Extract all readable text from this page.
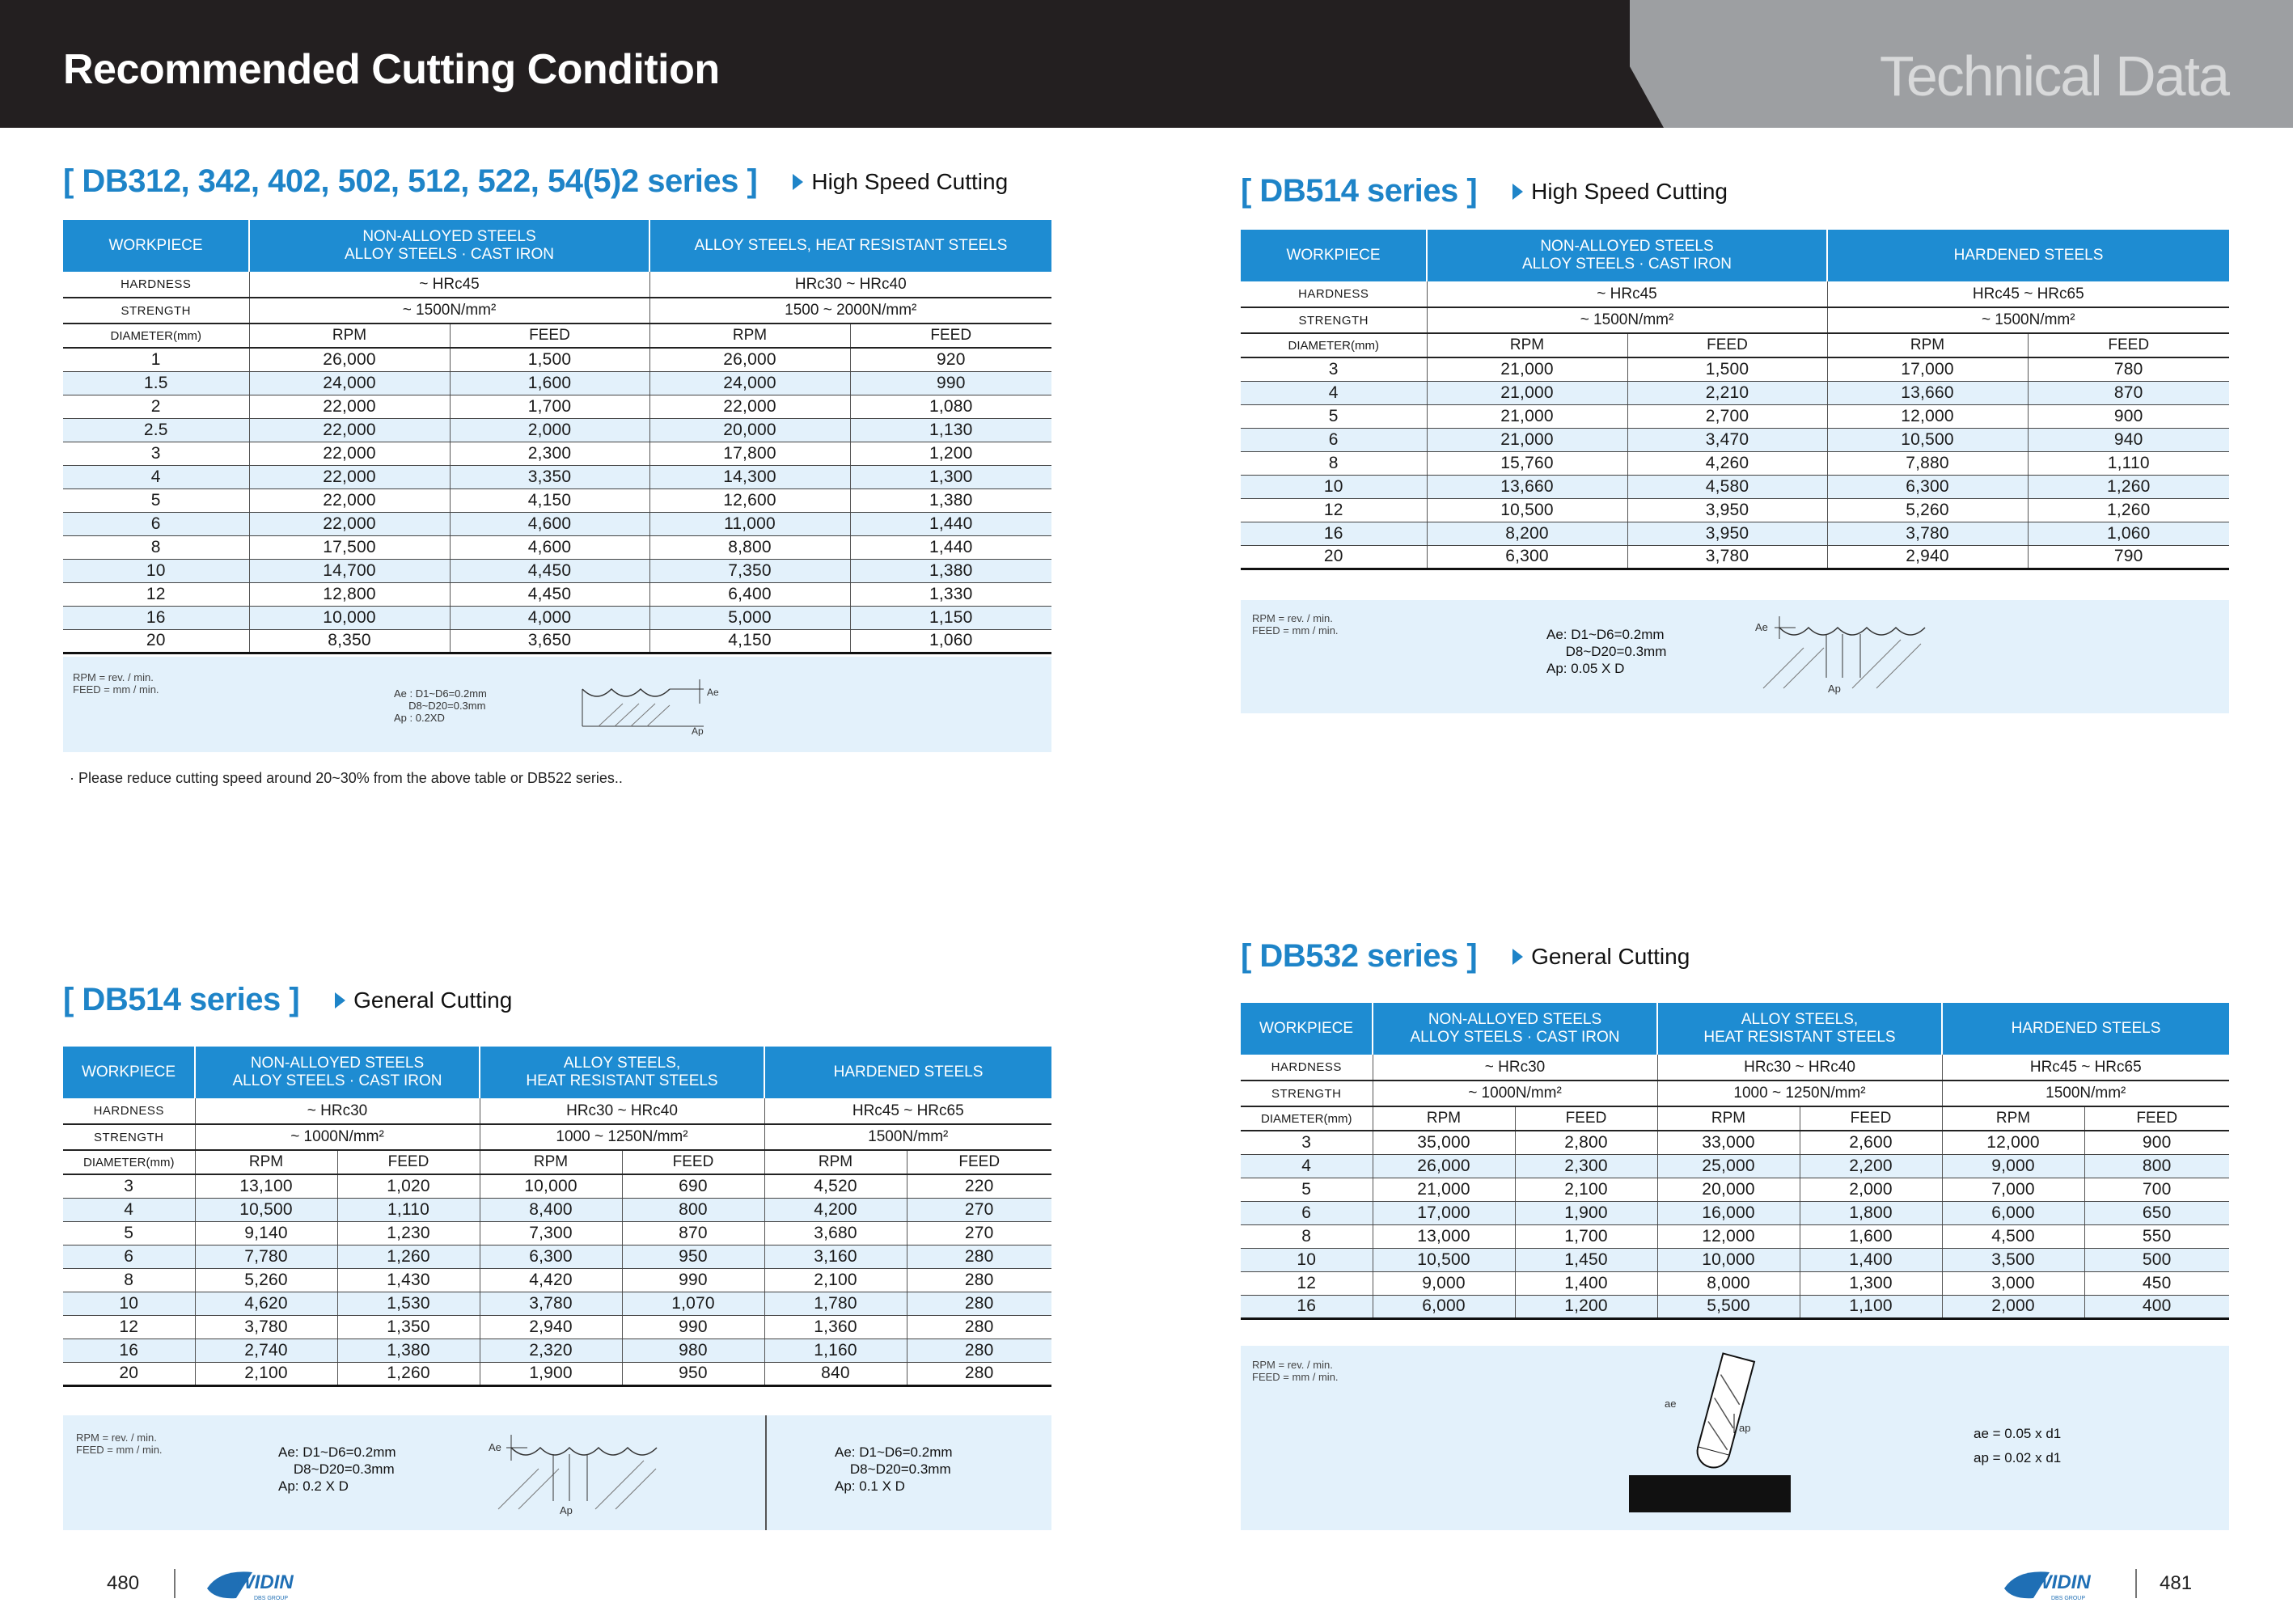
Recommended Cutting Condition	Technical Data
[ DB312, 342, 402, 502, 512, 522, 54(5)2 series ] High Speed Cutting
WORKPIECE	NON-ALLOYED STEELS
ALLOY STEELS · CAST IRON		ALLOY STEELS, HEAT RESISTANT STEELS	
HARDNESS	~ HRc45		HRc30 ~ HRc40	
STRENGTH	~ 1500N/mm²		1500 ~ 2000N/mm²	
DIAMETER(mm)	RPM	FEED	RPM	FEED
1	26,000	1,500	26,000	920
1.5	24,000	1,600	24,000	990
2	22,000	1,700	22,000	1,080
2.5	22,000	2,000	20,000	1,130
3	22,000	2,300	17,800	1,200
4	22,000	3,350	14,300	1,300
5	22,000	4,150	12,600	1,380
6	22,000	4,600	11,000	1,440
8	17,500	4,600	8,800	1,440
10	14,700	4,450	7,350	1,380
12	12,800	4,450	6,400	1,330
16	10,000	4,000	5,000	1,150
20	8,350	3,650	4,150	1,060
RPM = rev. / min.
FEED = mm / min.	Ae : D1~D6=0.2mm
D8~D20=0.3mm
Ap : 0.2XD
Ae
Ap
· Please reduce cutting speed around 20~30% from the above table or DB522 series..
[ DB514 series ] High Speed Cutting
WORKPIECE	NON-ALLOYED STEELS
ALLOY STEELS · CAST IRON		HARDENED STEELS	
HARDNESS	~ HRc45		HRc45 ~ HRc65	
STRENGTH	~ 1500N/mm²		~ 1500N/mm²	
DIAMETER(mm)	RPM	FEED	RPM	FEED
3	21,000	1,500	17,000	780
4	21,000	2,210	13,660	870
5	21,000	2,700	12,000	900
6	21,000	3,470	10,500	940
8	15,760	4,260	7,880	1,110
10	13,660	4,580	6,300	1,260
12	10,500	3,950	5,260	1,260
16	8,200	3,950	3,780	1,060
20	6,300	3,780	2,940	790
RPM = rev. / min.
FEED = mm / min.	Ae: D1~D6=0.2mm
D8~D20=0.3mm
Ap: 0.05 X D
Ae
Ap
[ DB514 series ] General Cutting
WORKPIECE	NON-ALLOYED STEELS
ALLOY STEELS · CAST IRON		ALLOY STEELS,
HEAT RESISTANT STEELS		HARDENED STEELS	
HARDNESS	~ HRc30		HRc30 ~ HRc40		HRc45 ~ HRc65	
STRENGTH	~ 1000N/mm²		1000 ~ 1250N/mm²		1500N/mm²	
DIAMETER(mm)	RPM	FEED	RPM	FEED	RPM	FEED
3	13,100	1,020	10,000	690	4,520	220
4	10,500	1,110	8,400	800	4,200	270
5	9,140	1,230	7,300	870	3,680	270
6	7,780	1,260	6,300	950	3,160	280
8	5,260	1,430	4,420	990	2,100	280
10	4,620	1,530	3,780	1,070	1,780	280
12	3,780	1,350	2,940	990	1,360	280
16	2,740	1,380	2,320	980	1,160	280
20	2,100	1,260	1,900	950	840	280
RPM = rev. / min.
FEED = mm / min.	Ae: D1~D6=0.2mm
D8~D20=0.3mm
Ap: 0.2 X D
Ae
Ap
Ae: D1~D6=0.2mm
D8~D20=0.3mm
Ap: 0.1 X D
[ DB532 series ] General Cutting
WORKPIECE	NON-ALLOYED STEELS
ALLOY STEELS · CAST IRON		ALLOY STEELS,
HEAT RESISTANT STEELS		HARDENED STEELS	
HARDNESS	~ HRc30		HRc30 ~ HRc40		HRc45 ~ HRc65	
STRENGTH	~ 1000N/mm²		1000 ~ 1250N/mm²		1500N/mm²	
DIAMETER(mm)	RPM	FEED	RPM	FEED	RPM	FEED
3	35,000	2,800	33,000	2,600	12,000	900
4	26,000	2,300	25,000	2,200	9,000	800
5	21,000	2,100	20,000	2,000	7,000	700
6	17,000	1,900	16,000	1,800	6,000	650
8	13,000	1,700	12,000	1,600	4,500	550
10	10,500	1,450	10,000	1,400	3,500	500
12	9,000	1,400	8,000	1,300	3,000	450
16	6,000	1,200	5,500	1,100	2,000	400
RPM = rev. / min.
FEED = mm / min.
ae
ap	ae = 0.05 x d1
ap = 0.02 x d1
480	WIDIN
DBS GROUP
WIDIN
DBS GROUP
481
